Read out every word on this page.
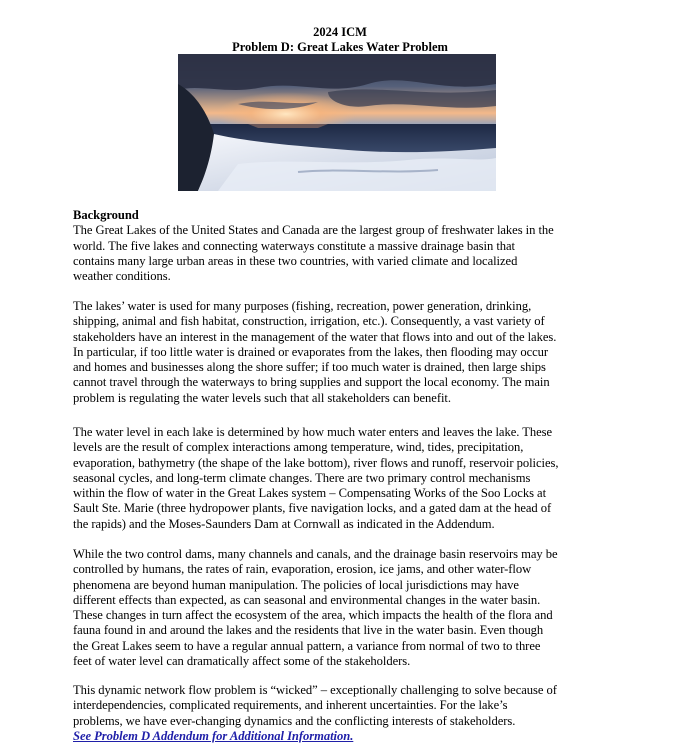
2024 ICM
Problem D: Great Lakes Water Problem

Background

The Great Lakes of the United States and Canada are the largest group of freshwater lakes in the
world. The five lakes and connecting waterways constitute a massive drainage basin that
contains many large urban areas in these two countries, with varied climate and localized
weather conditions.

The lakes’ water is used for many purposes (fishing, recreation, power generation, drinking,
shipping, animal and fish habitat, construction, irrigation, etc.). Consequently, a vast variety of
stakeholders have an interest in the management of the water that flows into and out of the lakes.
In particular, if too little water is drained or evaporates from the lakes, then flooding may occur
and homes and businesses along the shore suffer; if too much water is drained, then large ships
cannot travel through the waterways to bring supplies and support the local economy. The main
problem is regulating the water levels such that all stakeholders can benefit.
The water level in each lake is determined by how much water enters and leaves the lake. These
levels are the result of complex interactions among temperature, wind, tides, precipitation,
evaporation, bathymetry (the shape of the lake bottom), river flows and runoff, reservoir policies,
seasonal cycles, and long-term climate changes. There are two primary control mechanisms
within the flow of water in the Great Lakes system – Compensating Works of the Soo Locks at
Sault Ste. Marie (three hydropower plants, five navigation locks, and a gated dam at the head of
the rapids) and the Moses-Saunders Dam at Cornwall as indicated in the Addendum.
While the two control dams, many channels and canals, and the drainage basin reservoirs may be
controlled by humans, the rates of rain, evaporation, erosion, ice jams, and other water-flow
phenomena are beyond human manipulation. The policies of local jurisdictions may have
different effects than expected, as can seasonal and environmental changes in the water basin.
These changes in turn affect the ecosystem of the area, which impacts the health of the flora and
fauna found in and around the lakes and the residents that live in the water basin. Even though
the Great Lakes seem to have a regular annual pattern, a variance from normal of two to three
feet of water level can dramatically affect some of the stakeholders.
This dynamic network flow problem is “wicked” – exceptionally challenging to solve because of
interdependencies, complicated requirements, and inherent uncertainties. For the lake’s
problems, we have ever-changing dynamics and the conflicting interests of stakeholders.
See Problem D Addendum for Additional Information.
